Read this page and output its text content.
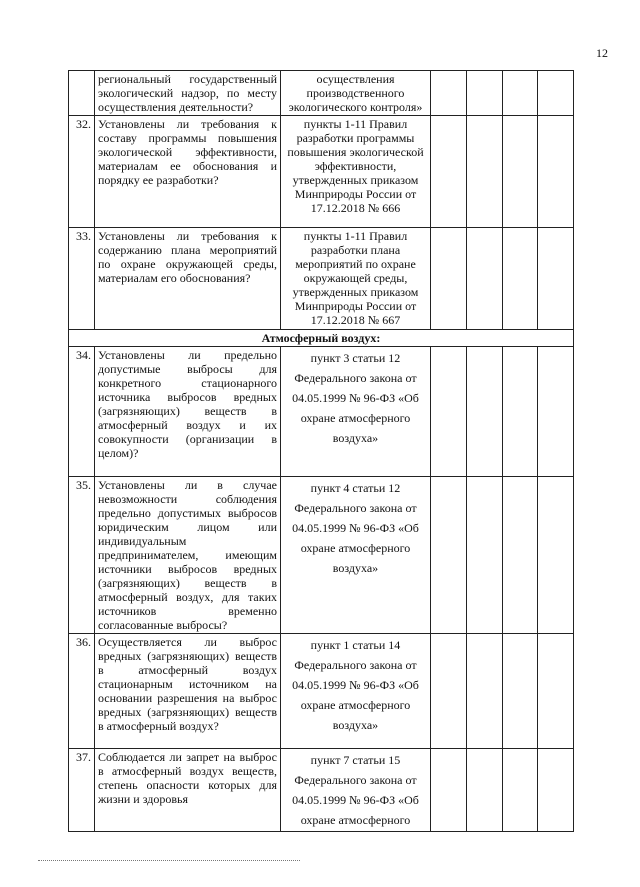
12
	региональный государственный экологический надзор, по месту осуществления деятельности?	осуществления производственного экологического контроля»				
32.	Установлены ли требования к составу программы повышения экологической эффективности, материалам ее обоснования и порядку ее разработки?	пункты 1-11 Правил разработки программы повышения экологической эффективности, утвержденных приказом Минприроды России от 17.12.2018 № 666				
33.	Установлены ли требования к содержанию плана мероприятий по охране окружающей среды, материалам его обоснования?	пункты 1-11 Правил разработки плана мероприятий по охране окружающей среды, утвержденных приказом Минприроды России от 17.12.2018 № 667				
Атмосферный воздух:						
34.	Установлены ли предельно допустимые выбросы для конкретного стационарного источника выбросов вредных (загрязняющих) веществ в атмосферный воздух и их совокупности (организации в целом)?	пункт 3 статьи 12 Федерального закона от 04.05.1999 № 96-ФЗ «Об охране атмосферного воздуха»				
35.	Установлены ли в случае невозможности соблюдения предельно допустимых выбросов юридическим лицом или индивидуальным предпринимателем, имеющим источники выбросов вредных (загрязняющих) веществ в атмосферный воздух, для таких источников временно согласованные выбросы?	пункт 4 статьи 12 Федерального закона от 04.05.1999 № 96-ФЗ «Об охране атмосферного воздуха»				
36.	Осуществляется ли выброс вредных (загрязняющих) веществ в атмосферный воздух стационарным источником на основании разрешения на выброс вредных (загрязняющих) веществ в атмосферный воздух?	пункт 1 статьи 14 Федерального закона от 04.05.1999 № 96-ФЗ «Об охране атмосферного воздуха»				
37.	Соблюдается ли запрет на выброс в атмосферный воздух веществ, степень опасности которых для жизни и здоровья	пункт 7 статьи 15 Федерального закона от 04.05.1999 № 96-ФЗ «Об охране атмосферного				
